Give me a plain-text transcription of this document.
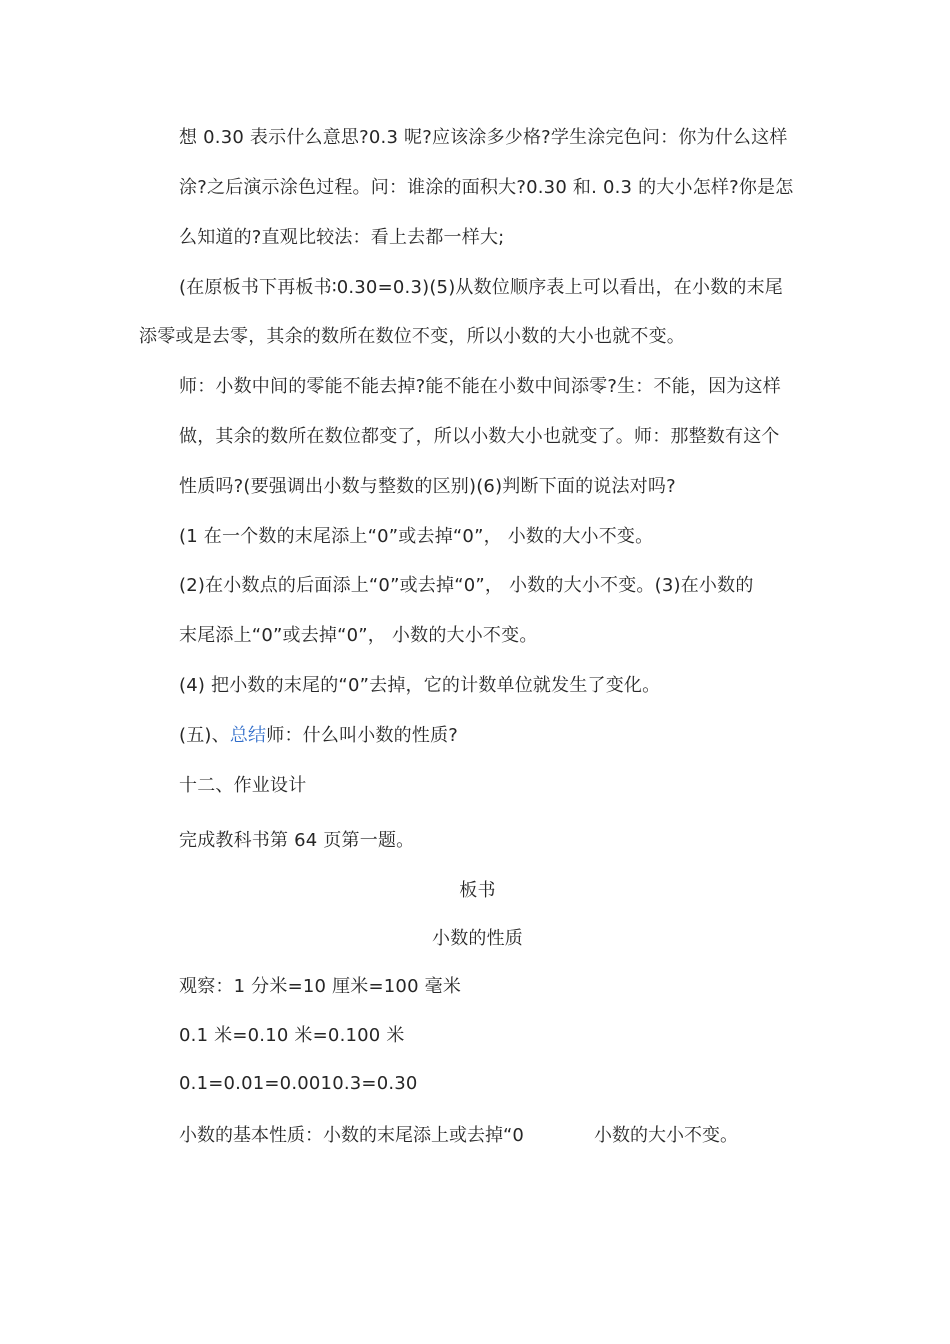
想 0.30 表示什么意思?0.3 呢?应该涂多少格?学生涂完色问：你为什么这样
涂?之后演示涂色过程。问：谁涂的面积大?0.30 和. 0.3 的大小怎样?你是怎
么知道的?直观比较法：看上去都一样大;
(在原板书下再板书∶0.30=0.3)(5)从数位顺序表上可以看出，在小数的末尾
添零或是去零，其余的数所在数位不变，所以小数的大小也就不变。
师：小数中间的零能不能去掉?能不能在小数中间添零?生：不能，因为这样
做，其余的数所在数位都变了，所以小数大小也就变了。师：那整数有这个
性质吗?(要强调出小数与整数的区别)(6)判断下面的说法对吗?
(1 在一个数的末尾添上“0”或去掉“0”， 小数的大小不变。
(2)在小数点的后面添上“0”或去掉“0”， 小数的大小不变。(3)在小数的
末尾添上“0”或去掉“0”， 小数的大小不变。
(4) 把小数的末尾的“0”去掉，它的计数单位就发生了变化。
(五)、总结师：什么叫小数的性质?
十二、作业设计
完成教科书第 64 页第一题。
板书
小数的性质
观察：1 分米=10 厘米=100 毫米
0.1 米=0.10 米=0.100 米
0.1=0.01=0.0010.3=0.30
小数的基本性质：小数的末尾添上或去掉“0	小数的大小不变。
